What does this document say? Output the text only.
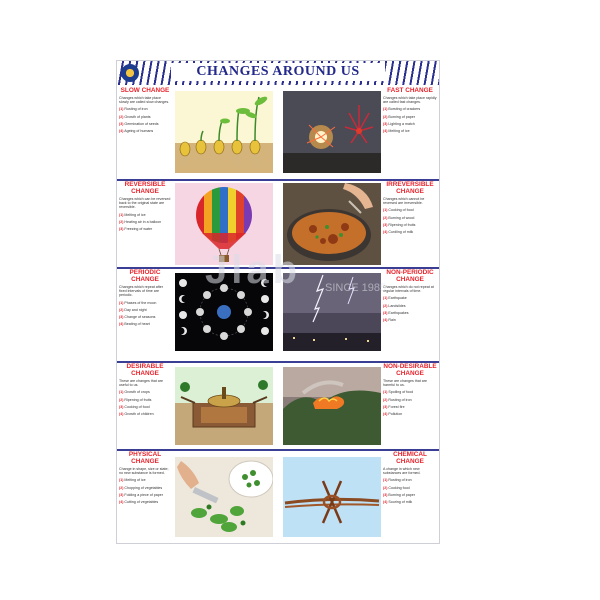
CHANGES AROUND US
SLOW CHANGE
Changes which take place slowly are called slow changes.
(1) Rusting of iron
(2) Growth of plants
(3) Germination of seeds
(4) Ageing of humans
FAST CHANGE
Changes which take place rapidly are called fast changes.
(1) Bursting of crackers
(2) Burning of paper
(3) Lighting a match
(4) Melting of ice
REVERSIBLE CHANGE
Changes which can be reversed back to the original state are reversible.
(1) Melting of ice
(2) Heating air in a balloon
(3) Freezing of water
IRREVERSIBLE CHANGE
Changes which cannot be reversed are irreversible.
(1) Cooking of food
(2) Burning of wood
(3) Ripening of fruits
(4) Curdling of milk
PERIODIC CHANGE
Changes which repeat after fixed intervals of time are periodic.
(1) Phases of the moon
(2) Day and night
(3) Change of seasons
(4) Beating of heart
NON-PERIODIC CHANGE
Changes which do not repeat at regular intervals of time.
(1) Earthquake
(2) Landslides
(3) Earthquakes
(4) Rain
DESIRABLE CHANGE
These are changes that are useful to us.
(1) Growth of crops
(2) Ripening of fruits
(3) Cooking of food
(4) Growth of children
NON-DESIRABLE CHANGE
These are changes that are harmful to us.
(1) Spoiling of food
(2) Rusting of iron
(3) Forest fire
(4) Pollution
PHYSICAL CHANGE
Change in shape, size or state; no new substance is formed.
(1) Melting of ice
(2) Chopping of vegetables
(3) Folding a piece of paper
(4) Cutting of vegetables
CHEMICAL CHANGE
A change in which new substances are formed.
(1) Rusting of iron
(2) Cooking food
(3) Burning of paper
(4) Souring of milk
Jlab SINCE 1985
